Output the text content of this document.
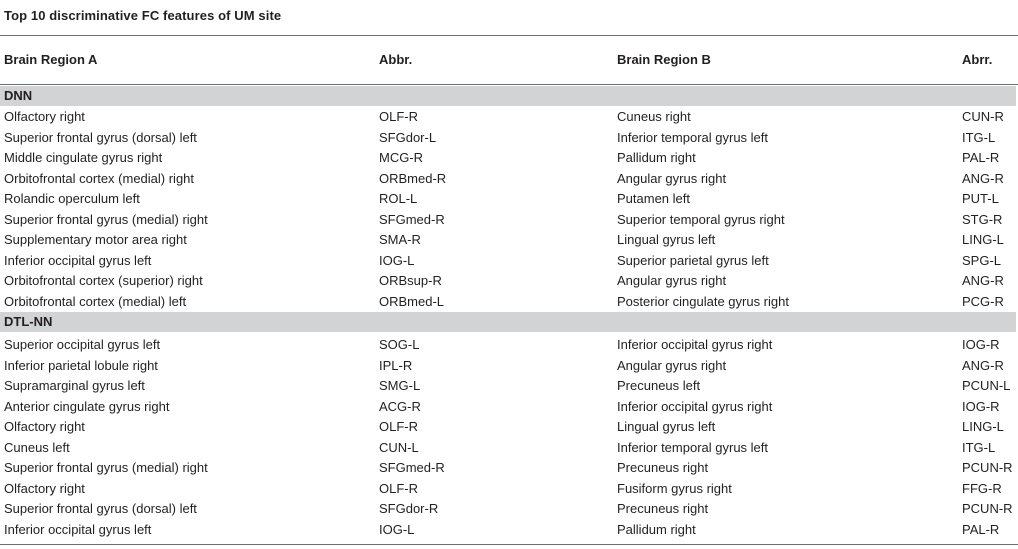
Top 10 discriminative FC features of UM site
Brain Region A	Abbr.	Brain Region B	Abrr.
DNN
Olfactory right	OLF-R	Cuneus right	CUN-R
Superior frontal gyrus (dorsal) left	SFGdor-L	Inferior temporal gyrus left	ITG-L
Middle cingulate gyrus right	MCG-R	Pallidum right	PAL-R
Orbitofrontal cortex (medial) right	ORBmed-R	Angular gyrus right	ANG-R
Rolandic operculum left	ROL-L	Putamen left	PUT-L
Superior frontal gyrus (medial) right	SFGmed-R	Superior temporal gyrus right	STG-R
Supplementary motor area right	SMA-R	Lingual gyrus left	LING-L
Inferior occipital gyrus left	IOG-L	Superior parietal gyrus left	SPG-L
Orbitofrontal cortex (superior) right	ORBsup-R	Angular gyrus right	ANG-R
Orbitofrontal cortex (medial) left	ORBmed-L	Posterior cingulate gyrus right	PCG-R
DTL-NN
Superior occipital gyrus left	SOG-L	Inferior occipital gyrus right	IOG-R
Inferior parietal lobule right	IPL-R	Angular gyrus right	ANG-R
Supramarginal gyrus left	SMG-L	Precuneus left	PCUN-L
Anterior cingulate gyrus right	ACG-R	Inferior occipital gyrus right	IOG-R
Olfactory right	OLF-R	Lingual gyrus left	LING-L
Cuneus left	CUN-L	Inferior temporal gyrus left	ITG-L
Superior frontal gyrus (medial) right	SFGmed-R	Precuneus right	PCUN-R
Olfactory right	OLF-R	Fusiform gyrus right	FFG-R
Superior frontal gyrus (dorsal) left	SFGdor-R	Precuneus right	PCUN-R
Inferior occipital gyrus left	IOG-L	Pallidum right	PAL-R
